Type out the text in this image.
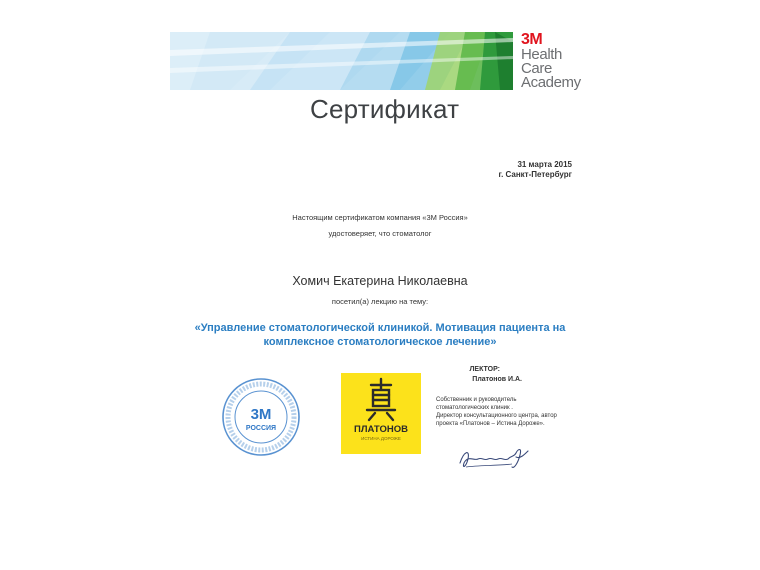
3M
Health
Care
Academy
Сертификат
31 марта 2015
г. Санкт-Петербург
Настоящим сертификатом компания «3М Россия»
удостоверяет, что стоматолог
Хомич Екатерина Николаевна
посетил(а) лекцию на тему:
«Управление стоматологической клиникой. Мотивация пациента на
комплексное стоматологическое лечение»
3M
РОССИЯ	ПЛАТОНОВ
ИСТИНА ДОРОЖЕ
ЛЕКТОР:
Платонов И.А.
Собственник и руководитель
стоматологических клиник .
Директор консультационного центра, автор
проекта «Платонов – Истина Дороже».
